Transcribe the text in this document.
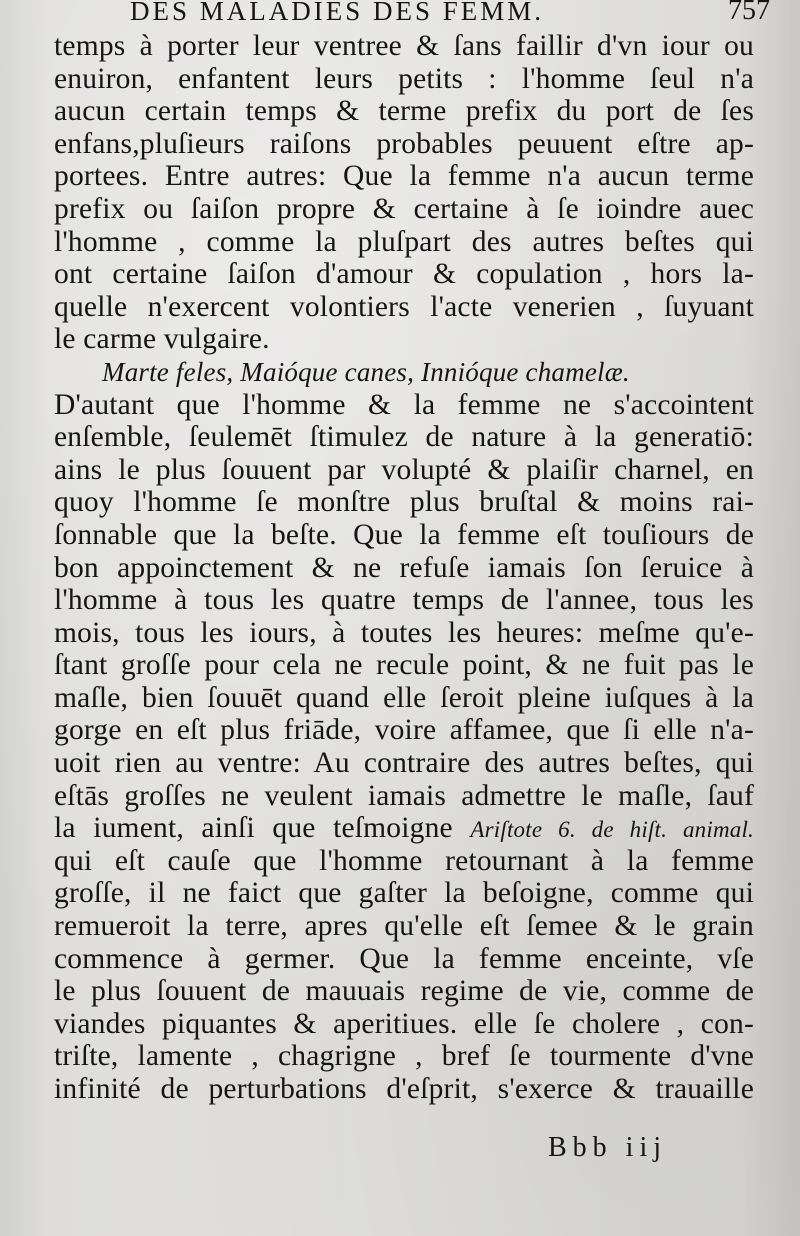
DES MALADIES DES FEMM.	757
temps à porter leur ventree & ſans faillir d'vn iour ou
enuiron, enfantent leurs petits : l'homme ſeul n'a
aucun certain temps & terme prefix du port de ſes
enfans,pluſieurs raiſons probables peuuent eſtre ap-
portees. Entre autres: Que la femme n'a aucun terme
prefix ou ſaiſon propre & certaine à ſe ioindre auec
l'homme , comme la pluſpart des autres beſtes qui
ont certaine ſaiſon d'amour & copulation , hors la-
quelle n'exercent volontiers l'acte venerien , ſuyuant
le carme vulgaire.
Marte feles, Maióque canes, Innióque chamelæ.
D'autant que l'homme & la femme ne s'accointent
enſemble, ſeulemēt ſtimulez de nature à la generatiō:
ains le plus ſouuent par volupté & plaiſir charnel, en
quoy l'homme ſe monſtre plus bruſtal & moins rai-
ſonnable que la beſte. Que la femme eſt touſiours de
bon appoinctement & ne refuſe iamais ſon ſeruice à
l'homme à tous les quatre temps de l'annee, tous les
mois, tous les iours, à toutes les heures: meſme qu'e-
ſtant groſſe pour cela ne recule point, & ne fuit pas le
maſle, bien ſouuēt quand elle ſeroit pleine iuſques à la
gorge en eſt plus friāde, voire affamee, que ſi elle n'a-
uoit rien au ventre: Au contraire des autres beſtes, qui
eſtās groſſes ne veulent iamais admettre le maſle, ſauf
la iument, ainſi que teſmoigne Ariſtote 6. de hiſt. animal.
qui eſt cauſe que l'homme retournant à la femme
groſſe, il ne faict que gaſter la beſoigne, comme qui
remueroit la terre, apres qu'elle eſt ſemee & le grain
commence à germer. Que la femme enceinte, vſe
le plus ſouuent de mauuais regime de vie, comme de
viandes piquantes & aperitiues. elle ſe cholere , con-
triſte, lamente , chagrigne , bref ſe tourmente d'vne
infinité de perturbations d'eſprit, s'exerce & trauaille
Bbb iij
